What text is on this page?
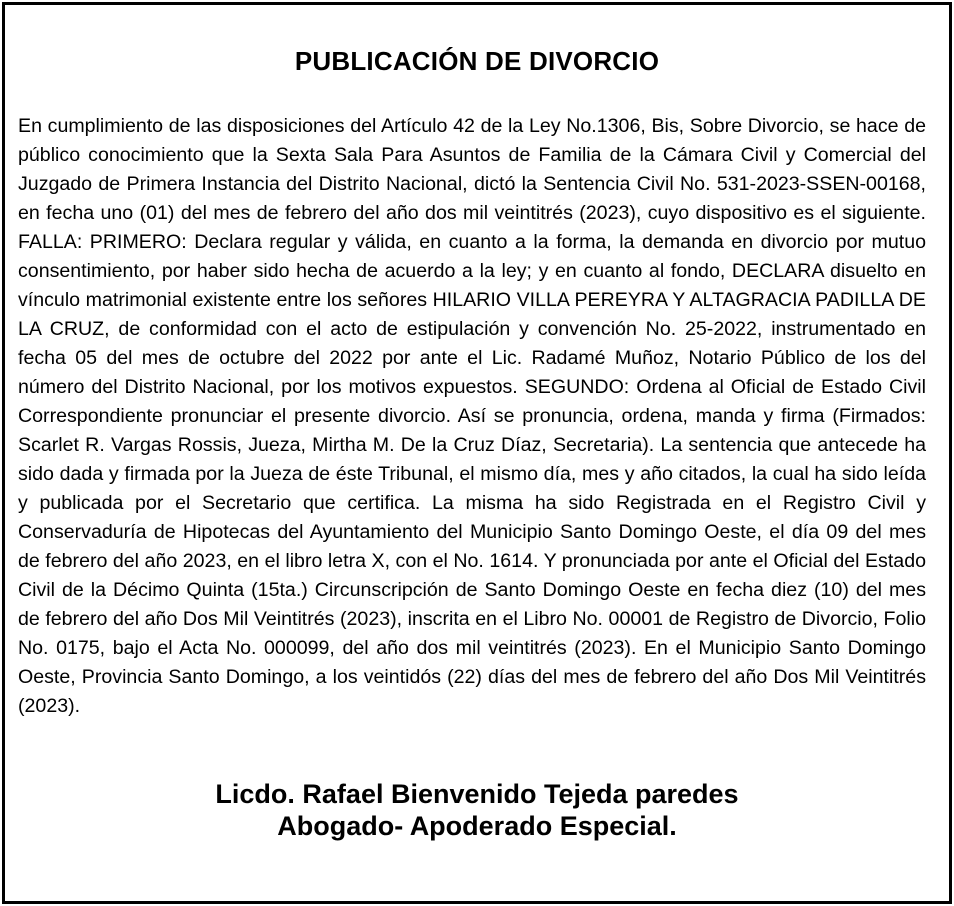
PUBLICACIÓN DE DIVORCIO

En cumplimiento de las disposiciones del Artículo 42 de la Ley No.1306, Bis, Sobre Divorcio, se hace de público conocimiento que la Sexta Sala Para Asuntos de Familia de la Cámara Civil y Comercial del Juzgado de Primera Instancia del Distrito Nacional, dictó la Sentencia Civil No. 531-2023-SSEN-00168, en fecha uno (01) del mes de febrero del año dos mil veintitrés (2023), cuyo dispositivo es el siguiente. FALLA: PRIMERO: Declara regular y válida, en cuanto a la forma, la demanda en divorcio por mutuo consentimiento, por haber sido hecha de acuerdo a la ley; y en cuanto al fondo, DECLARA disuelto en vínculo matrimonial existente entre los señores HILARIO VILLA PEREYRA Y ALTAGRACIA PADILLA DE LA CRUZ, de conformidad con el acto de estipulación y convención No. 25-2022, instrumentado en fecha 05 del mes de octubre del 2022 por ante el Lic. Radamé Muñoz, Notario Público de los del número del Distrito Nacional, por los motivos expuestos. SEGUNDO: Ordena al Oficial de Estado Civil Correspondiente pronunciar el presente divorcio. Así se pronuncia, ordena, manda y firma (Firmados: Scarlet R. Vargas Rossis, Jueza, Mirtha M. De la Cruz Díaz, Secretaria). La sentencia que antecede ha sido dada y firmada por la Jueza de éste Tribunal, el mismo día, mes y año citados, la cual ha sido leída y publicada por el Secretario que certifica. La misma ha sido Registrada en el Registro Civil y Conservaduría de Hipotecas del Ayuntamiento del Municipio Santo Domingo Oeste, el día 09 del mes de febrero del año 2023, en el libro letra X, con el No. 1614. Y pronunciada por ante el Oficial del Estado Civil de la Décimo Quinta (15ta.) Circunscripción de Santo Domingo Oeste en fecha diez (10) del mes de febrero del año Dos Mil Veintitrés (2023), inscrita en el Libro No. 00001 de Registro de Divorcio, Folio No. 0175, bajo el Acta No. 000099, del año dos mil veintitrés (2023). En el Municipio Santo Domingo Oeste, Provincia Santo Domingo, a los veintidós (22) días del mes de febrero del año Dos Mil Veintitrés (2023).

Licdo. Rafael Bienvenido Tejeda paredes
Abogado- Apoderado Especial.
